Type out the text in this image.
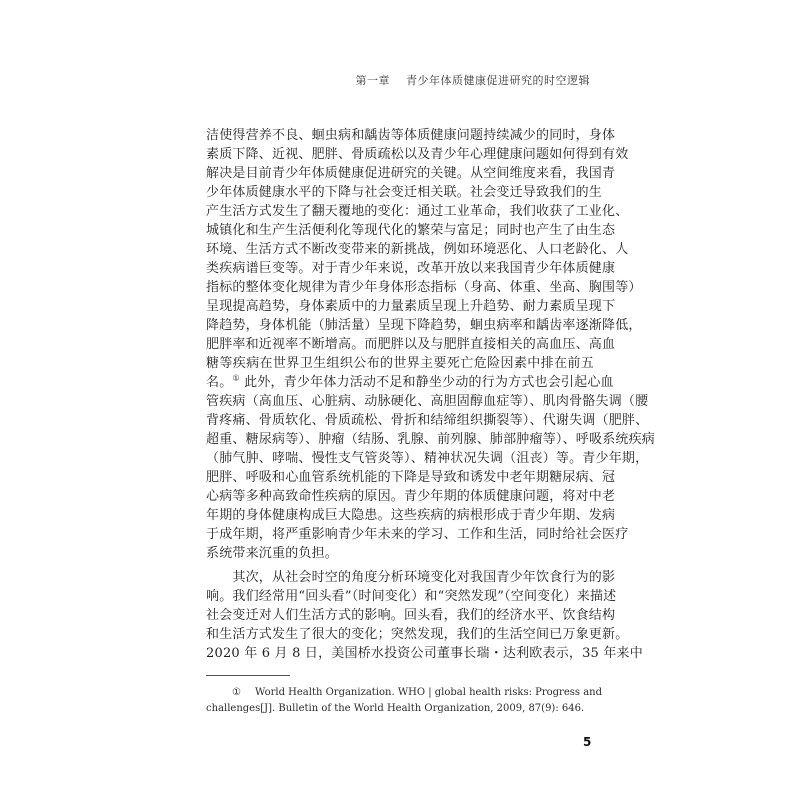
第一章 青少年体质健康促进研究的时空逻辑
洁使得营养不良、蛔虫病和龋齿等体质健康问题持续减少的同时，身体
素质下降、近视、肥胖、骨质疏松以及青少年心理健康问题如何得到有效
解决是目前青少年体质健康促进研究的关键。从空间维度来看，我国青
少年体质健康水平的下降与社会变迁相关联。社会变迁导致我们的生
产生活方式发生了翻天覆地的变化：通过工业革命，我们收获了工业化、
城镇化和生产生活便利化等现代化的繁荣与富足；同时也产生了由生态
环境、生活方式不断改变带来的新挑战，例如环境恶化、人口老龄化、人
类疾病谱巨变等。对于青少年来说，改革开放以来我国青少年体质健康
指标的整体变化规律为青少年身体形态指标（身高、体重、坐高、胸围等）
呈现提高趋势，身体素质中的力量素质呈现上升趋势、耐力素质呈现下
降趋势，身体机能（肺活量）呈现下降趋势，蛔虫病率和龋齿率逐渐降低，
肥胖率和近视率不断增高。而肥胖以及与肥胖直接相关的高血压、高血
糖等疾病在世界卫生组织公布的世界主要死亡危险因素中排在前五
名。① 此外，青少年体力活动不足和静坐少动的行为方式也会引起心血
管疾病（高血压、心脏病、动脉硬化、高胆固醇血症等）、肌肉骨骼失调（腰
背疼痛、骨质软化、骨质疏松、骨折和结缔组织撕裂等）、代谢失调（肥胖、
超重、糖尿病等）、肿瘤（结肠、乳腺、前列腺、肺部肿瘤等）、呼吸系统疾病
（肺气肿、哮喘、慢性支气管炎等）、精神状况失调（沮丧）等。青少年期，
肥胖、呼吸和心血管系统机能的下降是导致和诱发中老年期糖尿病、冠
心病等多种高致命性疾病的原因。青少年期的体质健康问题，将对中老
年期的身体健康构成巨大隐患。这些疾病的病根形成于青少年期、发病
于成年期，将严重影响青少年未来的学习、工作和生活，同时给社会医疗
系统带来沉重的负担。
　　其次，从社会时空的角度分析环境变化对我国青少年饮食行为的影
响。我们经常用“回头看”（时间变化）和“突然发现”（空间变化）来描述
社会变迁对人们生活方式的影响。回头看，我们的经济水平、饮食结构
和生活方式发生了很大的变化；突然发现，我们的生活空间已万象更新。
2020 年 6 月 8 日，美国桥水投资公司董事长瑞・达利欧表示，35 年来中
① World Health Organization. WHO | global health risks: Progress and
challenges[J]. Bulletin of the World Health Organization, 2009, 87(9): 646.
5
